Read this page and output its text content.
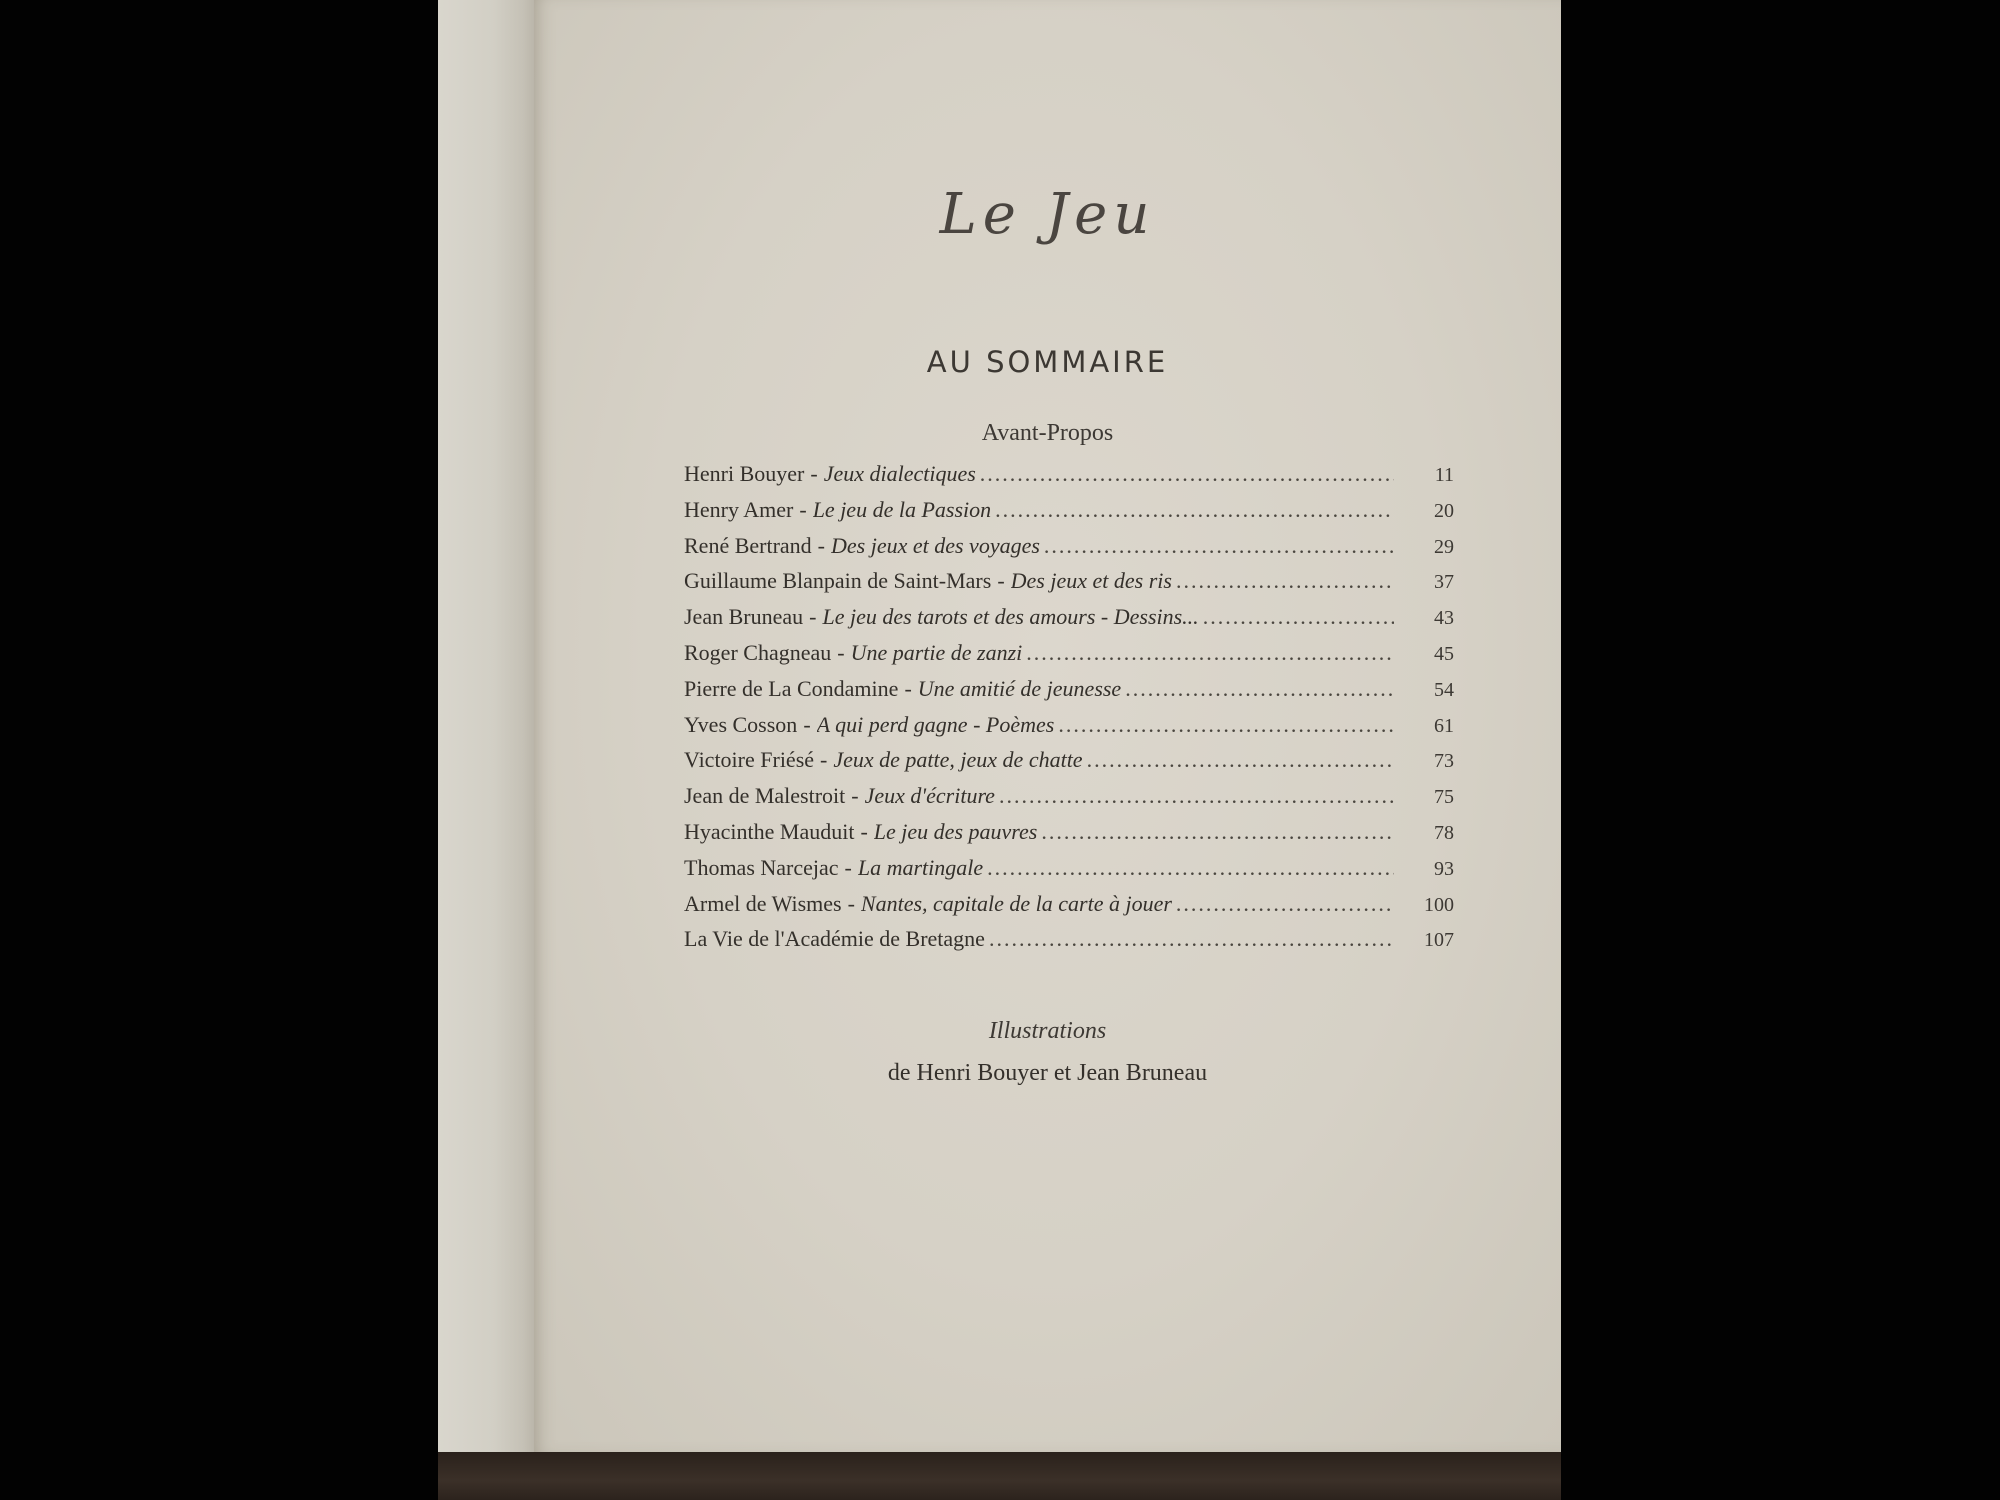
Le Jeu
AU SOMMAIRE
Avant-Propos
Henri Bouyer - Jeux dialectiques .....	11
Henry Amer - Le jeu de la Passion .....	20
René Bertrand - Des jeux et des voyages .....	29
Guillaume Blanpain de Saint-Mars - Des jeux et des ris .....	37
Jean Bruneau - Le jeu des tarots et des amours - Dessins... .....	43
Roger Chagneau - Une partie de zanzi .....	45
Pierre de La Condamine - Une amitié de jeunesse .....	54
Yves Cosson - A qui perd gagne - Poèmes .....	61
Victoire Friésé - Jeux de patte, jeux de chatte .....	73
Jean de Malestroit - Jeux d'écriture .....	75
Hyacinthe Mauduit - Le jeu des pauvres .....	78
Thomas Narcejac - La martingale .....	93
Armel de Wismes - Nantes, capitale de la carte à jouer .....	100
La Vie de l'Académie de Bretagne .....	107
Illustrations
de Henri Bouyer et Jean Bruneau
